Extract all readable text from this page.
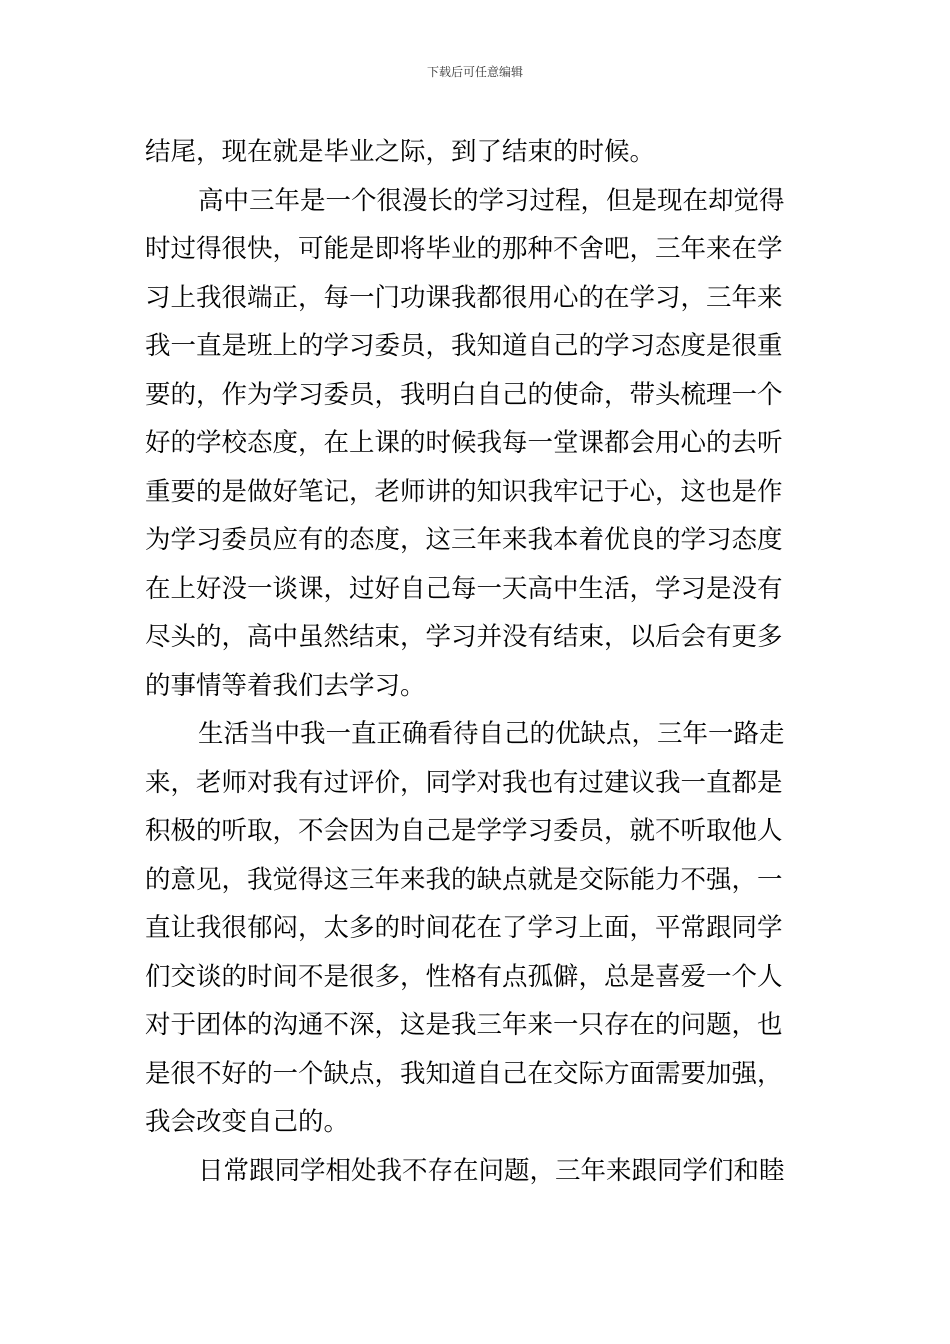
下载后可任意编辑
结尾，现在就是毕业之际，到了结束的时候。
高中三年是一个很漫长的学习过程，但是现在却觉得
时过得很快，可能是即将毕业的那种不舍吧，三年来在学
习上我很端正，每一门功课我都很用心的在学习，三年来
我一直是班上的学习委员，我知道自己的学习态度是很重
要的，作为学习委员，我明白自己的使命，带头梳理一个
好的学校态度，在上课的时候我每一堂课都会用心的去听
重要的是做好笔记，老师讲的知识我牢记于心，这也是作
为学习委员应有的态度，这三年来我本着优良的学习态度
在上好没一谈课，过好自己每一天高中生活，学习是没有
尽头的，高中虽然结束，学习并没有结束，以后会有更多
的事情等着我们去学习。
生活当中我一直正确看待自己的优缺点，三年一路走
来，老师对我有过评价，同学对我也有过建议我一直都是
积极的听取，不会因为自己是学学习委员，就不听取他人
的意见，我觉得这三年来我的缺点就是交际能力不强，一
直让我很郁闷，太多的时间花在了学习上面，平常跟同学
们交谈的时间不是很多，性格有点孤僻，总是喜爱一个人
对于团体的沟通不深，这是我三年来一只存在的问题，也
是很不好的一个缺点，我知道自己在交际方面需要加强，
我会改变自己的。
日常跟同学相处我不存在问题，三年来跟同学们和睦
